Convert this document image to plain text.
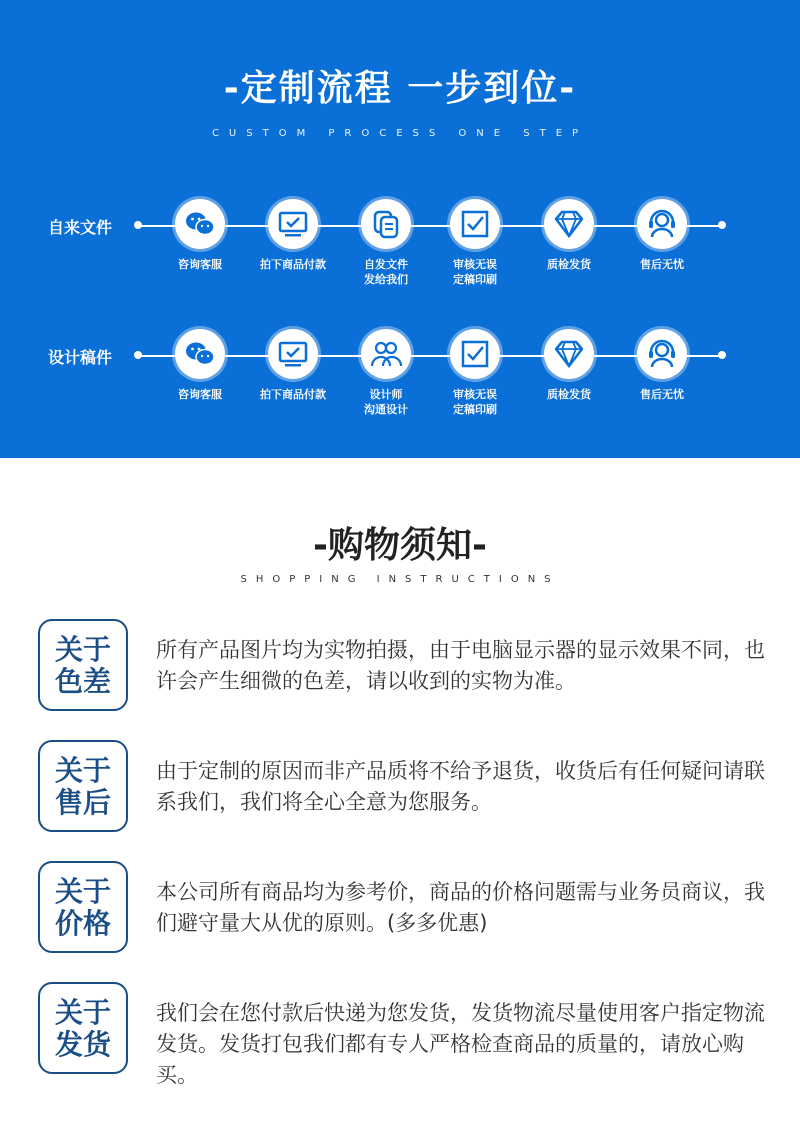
-定制流程 一步到位-
CUSTOM PROCESS ONE STEP
自来文件
咨询客服	拍下商品付款	自发文件
发给我们
审核无误
定稿印刷
质检发货	售后无忧
设计稿件
咨询客服	拍下商品付款	设计师
沟通设计
审核无误
定稿印刷
质检发货	售后无忧
-购物须知-
SHOPPING INSTRUCTIONS
关于
色差
所有产品图片均为实物拍摄，由于电脑显示器的显示效果不同，也许会产生细微的色差，请以收到的实物为准。
关于
售后
由于定制的原因而非产品质将不给予退货，收货后有任何疑问请联系我们，我们将全心全意为您服务。
关于
价格
本公司所有商品均为参考价，商品的价格问题需与业务员商议，我们避守量大从优的原则。(多多优惠)
关于
发货
我们会在您付款后快递为您发货，发货物流尽量使用客户指定物流发货。发货打包我们都有专人严格检查商品的质量的，请放心购买。
